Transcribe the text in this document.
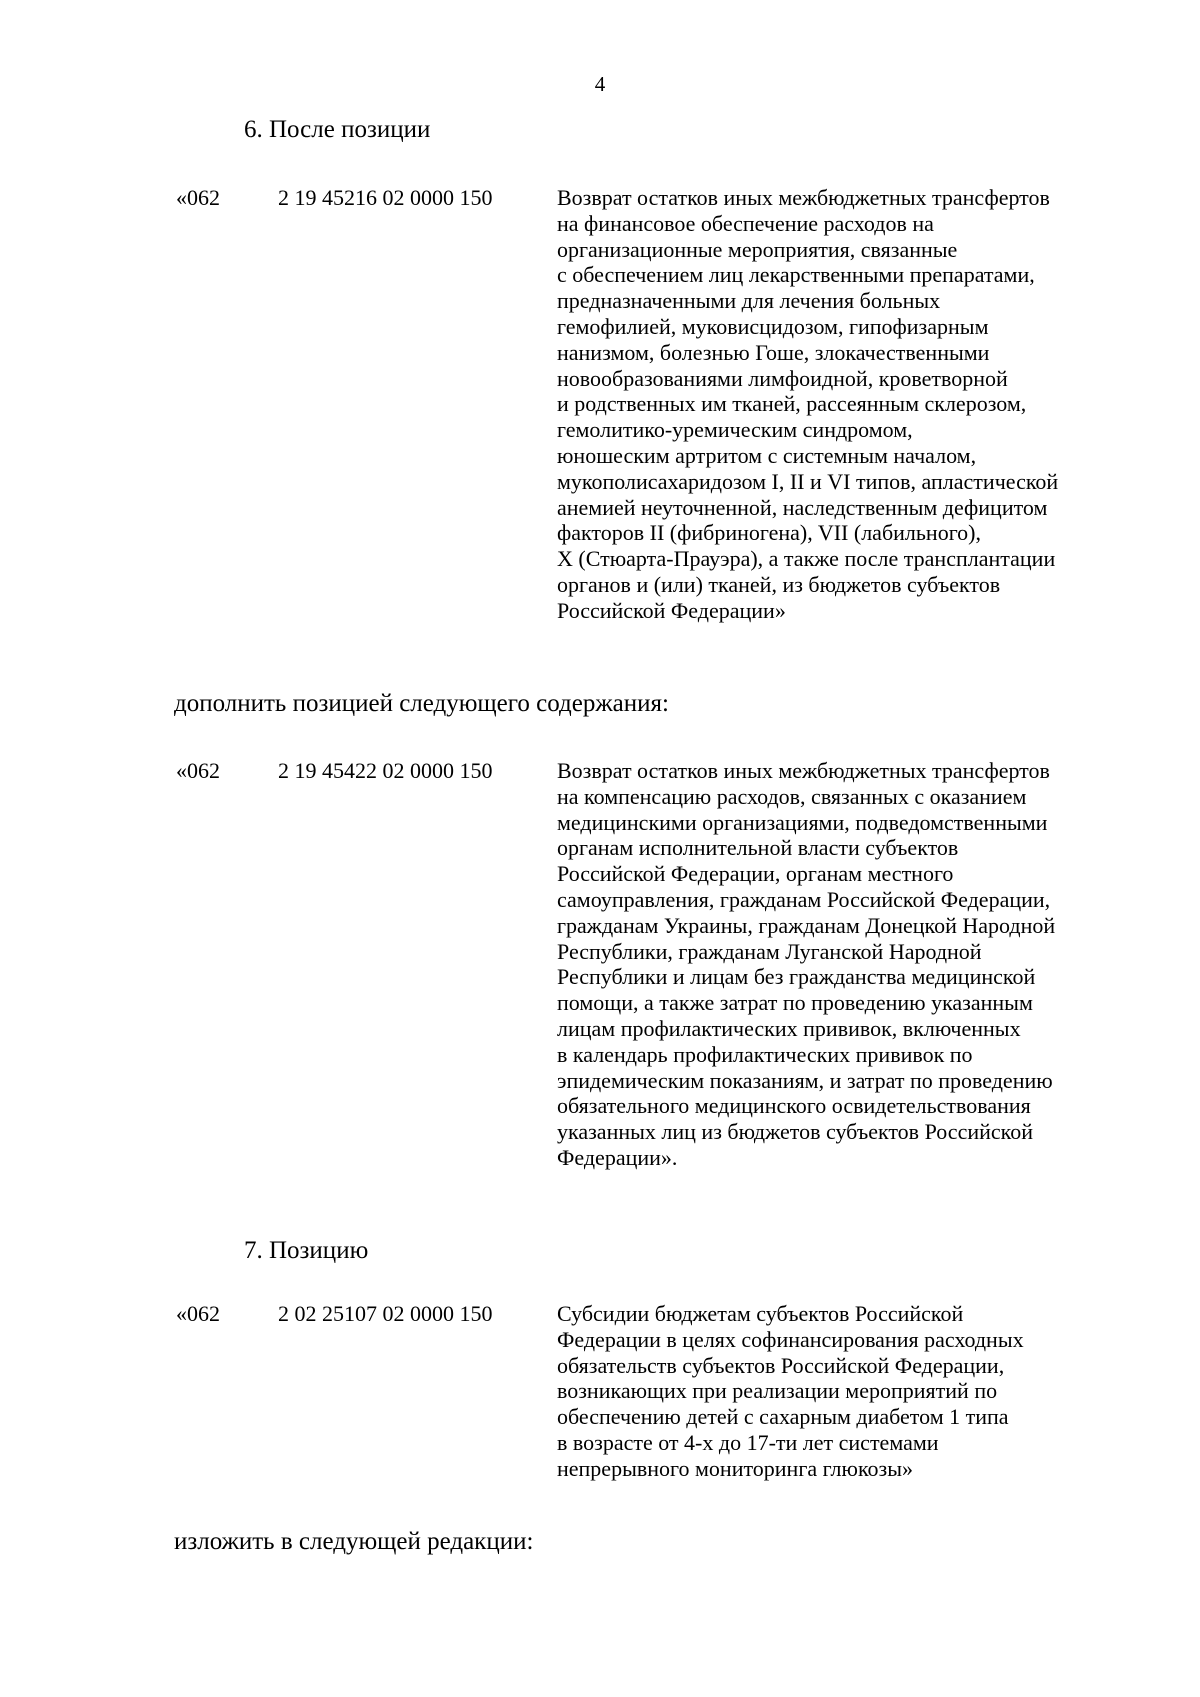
4
6. После позиции
«062	2 19 45216 02 0000 150	Возврат остатков иных межбюджетных трансфертов
на финансовое обеспечение расходов на
организационные мероприятия, связанные
с обеспечением лиц лекарственными препаратами,
предназначенными для лечения больных
гемофилией, муковисцидозом, гипофизарным
нанизмом, болезнью Гоше, злокачественными
новообразованиями лимфоидной, кроветворной
и родственных им тканей, рассеянным склерозом,
гемолитико-уремическим синдромом,
юношеским артритом с системным началом,
мукополисахаридозом I, II и VI типов, апластической
анемией неуточненной, наследственным дефицитом
факторов II (фибриногена), VII (лабильного),
X (Стюарта-Прауэра), а также после трансплантации
органов и (или) тканей, из бюджетов субъектов
Российской Федерации»
дополнить позицией следующего содержания:
«062	2 19 45422 02 0000 150	Возврат остатков иных межбюджетных трансфертов
на компенсацию расходов, связанных с оказанием
медицинскими организациями, подведомственными
органам исполнительной власти субъектов
Российской Федерации, органам местного
самоуправления, гражданам Российской Федерации,
гражданам Украины, гражданам Донецкой Народной
Республики, гражданам Луганской Народной
Республики и лицам без гражданства медицинской
помощи, а также затрат по проведению указанным
лицам профилактических прививок, включенных
в календарь профилактических прививок по
эпидемическим показаниям, и затрат по проведению
обязательного медицинского освидетельствования
указанных лиц из бюджетов субъектов Российской
Федерации».
7. Позицию
«062	2 02 25107 02 0000 150	Субсидии бюджетам субъектов Российской
Федерации в целях софинансирования расходных
обязательств субъектов Российской Федерации,
возникающих при реализации мероприятий по
обеспечению детей с сахарным диабетом 1 типа
в возрасте от 4-х до 17-ти лет системами
непрерывного мониторинга глюкозы»
изложить в следующей редакции:
